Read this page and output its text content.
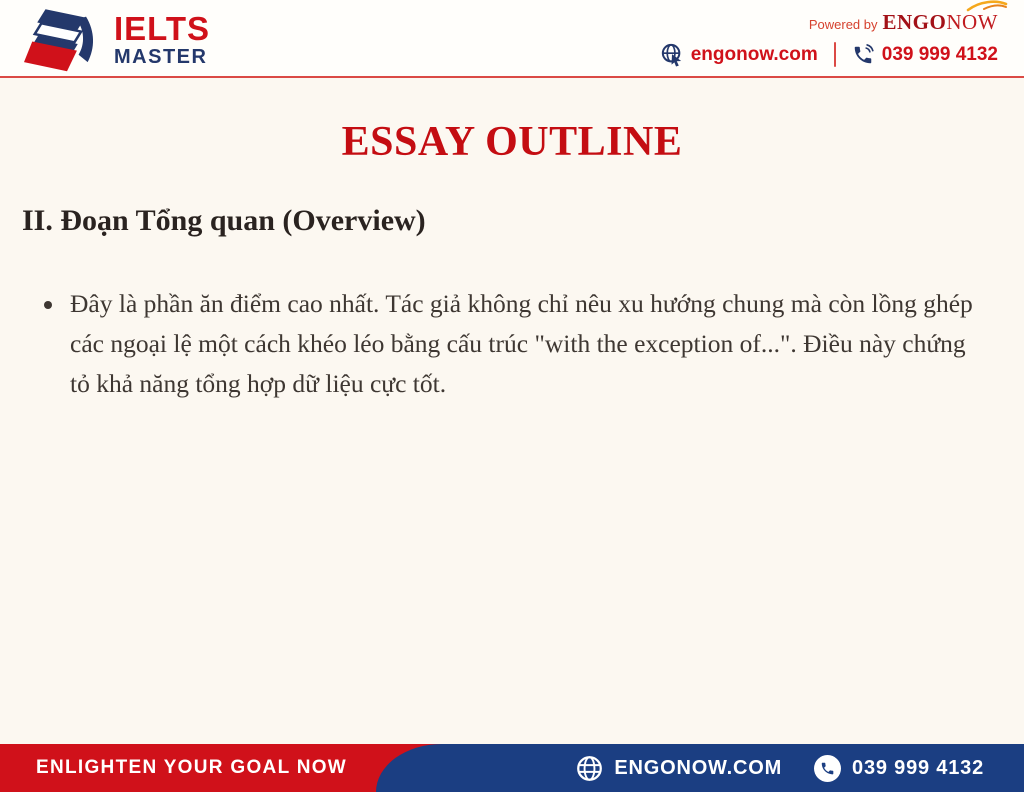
IELTS
MASTER
Powered by ENGONOW
engonow.com	039 999 4132
ESSAY OUTLINE
II. Đoạn Tổng quan (Overview)
• Đây là phần ăn điểm cao nhất. Tác giả không chỉ nêu xu hướng chung mà còn lồng ghép các ngoại lệ một cách khéo léo bằng cấu trúc "with the exception of...". Điều này chứng tỏ khả năng tổng hợp dữ liệu cực tốt.
ENLIGHTEN YOUR GOAL NOW	ENGONOW.COM	039 999 4132
